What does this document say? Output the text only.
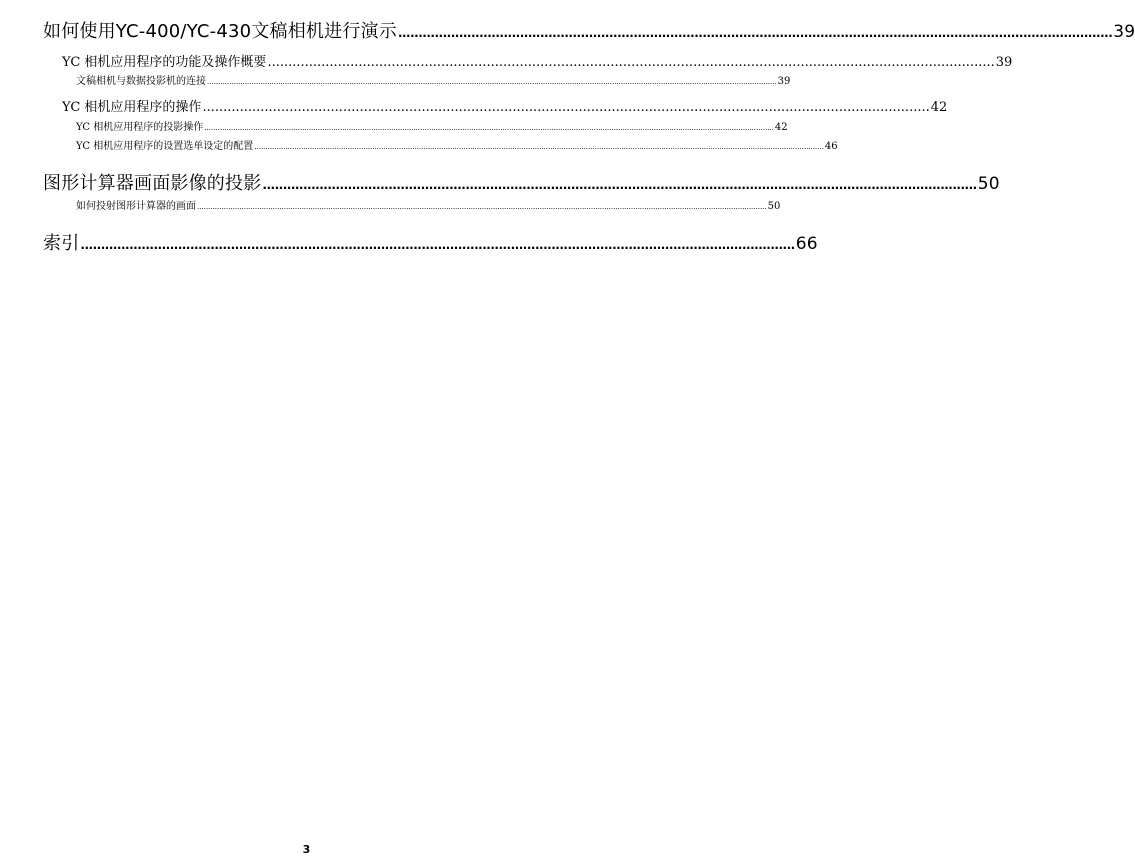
如何使用YC-400/YC-430文稿相机进行演示 ................................................................................................................................................................................ 39
YC 相机应用程序的功能及操作概要 ................................................................................................................................................................................ 39
文稿相机与数据投影机的连接 ................................................................................................................................................................................................................................................................ 39
YC 相机应用程序的操作 ................................................................................................................................................................................ 42
YC 相机应用程序的投影操作 ................................................................................................................................................................................................................................................................ 42
YC 相机应用程序的设置选单设定的配置 ................................................................................................................................................................................................................................................................ 46
图形计算器画面影像的投影 ................................................................................................................................................................................ 50
如何投射图形计算器的画面 ................................................................................................................................................................................................................................................................ 50
索引 ................................................................................................................................................................................ 66
3
